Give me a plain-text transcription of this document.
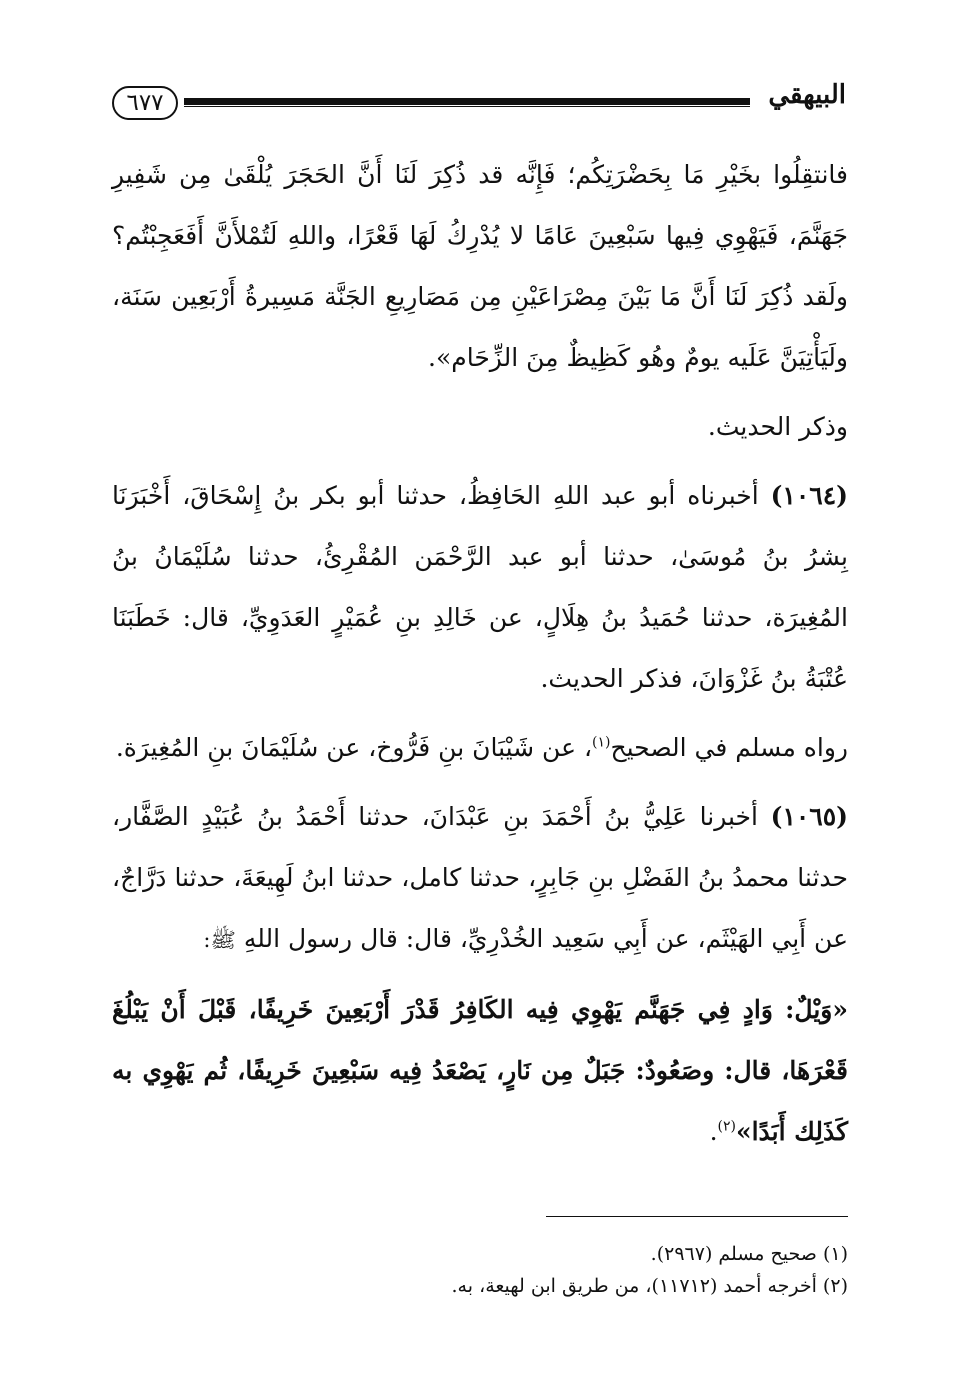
٦٧٧	البيهقي

فانتقِلُوا بخَيْرِ مَا بِحَضْرَتِكُم؛ فَإِنَّه قد ذُكِرَ لَنَا أَنَّ الحَجَرَ يُلْقَىٰ مِن شَفِيرِ جَهَنَّمَ، فَيَهْوِي فِيها سَبْعِينَ عَامًا لا يُدْرِكُ لَهَا قَعْرًا، واللهِ لَتُمْلأَنَّ أَفَعَجِبْتُم؟ ولَقد ذُكِرَ لَنَا أَنَّ مَا بَيْنَ مِصْرَاعَيْنِ مِن مَصَارِيعِ الجَنَّة مَسِيرةُ أَرْبَعِين سَنَة، ولَيَأْتِيَنَّ عَلَيه يومٌ وهُو كَظِيظٌ مِنَ الزِّحَام».

وذكر الحديث.

(١٠٦٤) أخبرناه أبو عبد اللهِ الحَافِظُ، حدثنا أبو بكر بنُ إِسْحَاقَ، أَخْبَرَنَا بِشرُ بنُ مُوسَىٰ، حدثنا أبو عبد الرَّحْمَن المُقْرِئُ، حدثنا سُلَيْمَانُ بنُ المُغِيرَة، حدثنا حُمَيدُ بنُ هِلَالٍ، عن خَالِدِ بنِ عُمَيْرٍ العَدَوِيِّ، قال: خَطَبَنَا عُتْبَةُ بنُ غَزْوَانَ، فذكر الحديث.

رواه مسلم في الصحيح$^{(١)}$، عن شَيْبَانَ بنِ فَرُّوخ، عن سُلَيْمَانَ بنِ المُغِيرَة.

(١٠٦٥) أخبرنا عَلِيُّ بنُ أَحْمَدَ بنِ عَبْدَانَ، حدثنا أَحْمَدُ بنُ عُبَيْدٍ الصَّفَّار، حدثنا محمدُ بنُ الفَضْلِ بنِ جَابِرٍ، حدثنا كامل، حدثنا ابنُ لَهِيعَةَ، حدثنا دَرَّاجٌ، عن أَبِي الهَيْثَم، عن أَبِي سَعِيد الخُدْرِيِّ، قال: قال رسول اللهِ ﷺ:

«وَيْلٌ: وَادٍ فِي جَهَنَّم يَهْوِي فِيه الكَافِرُ قَدْرَ أَرْبَعِينَ خَرِيفًا، قَبْلَ أَنْ يَبْلُغَ قَعْرَهَا، قال: وصَعُودٌ: جَبَلٌ مِن نَارٍ، يَصْعَدُ فِيه سَبْعِينَ خَرِيفًا، ثُم يَهْوِي به كَذَلِك أَبَدًا»$^{(٢)}$.

(١) صحيح مسلم (٢٩٦٧).
(٢) أخرجه أحمد (١١٧١٢)، من طريق ابن لهيعة، به.
